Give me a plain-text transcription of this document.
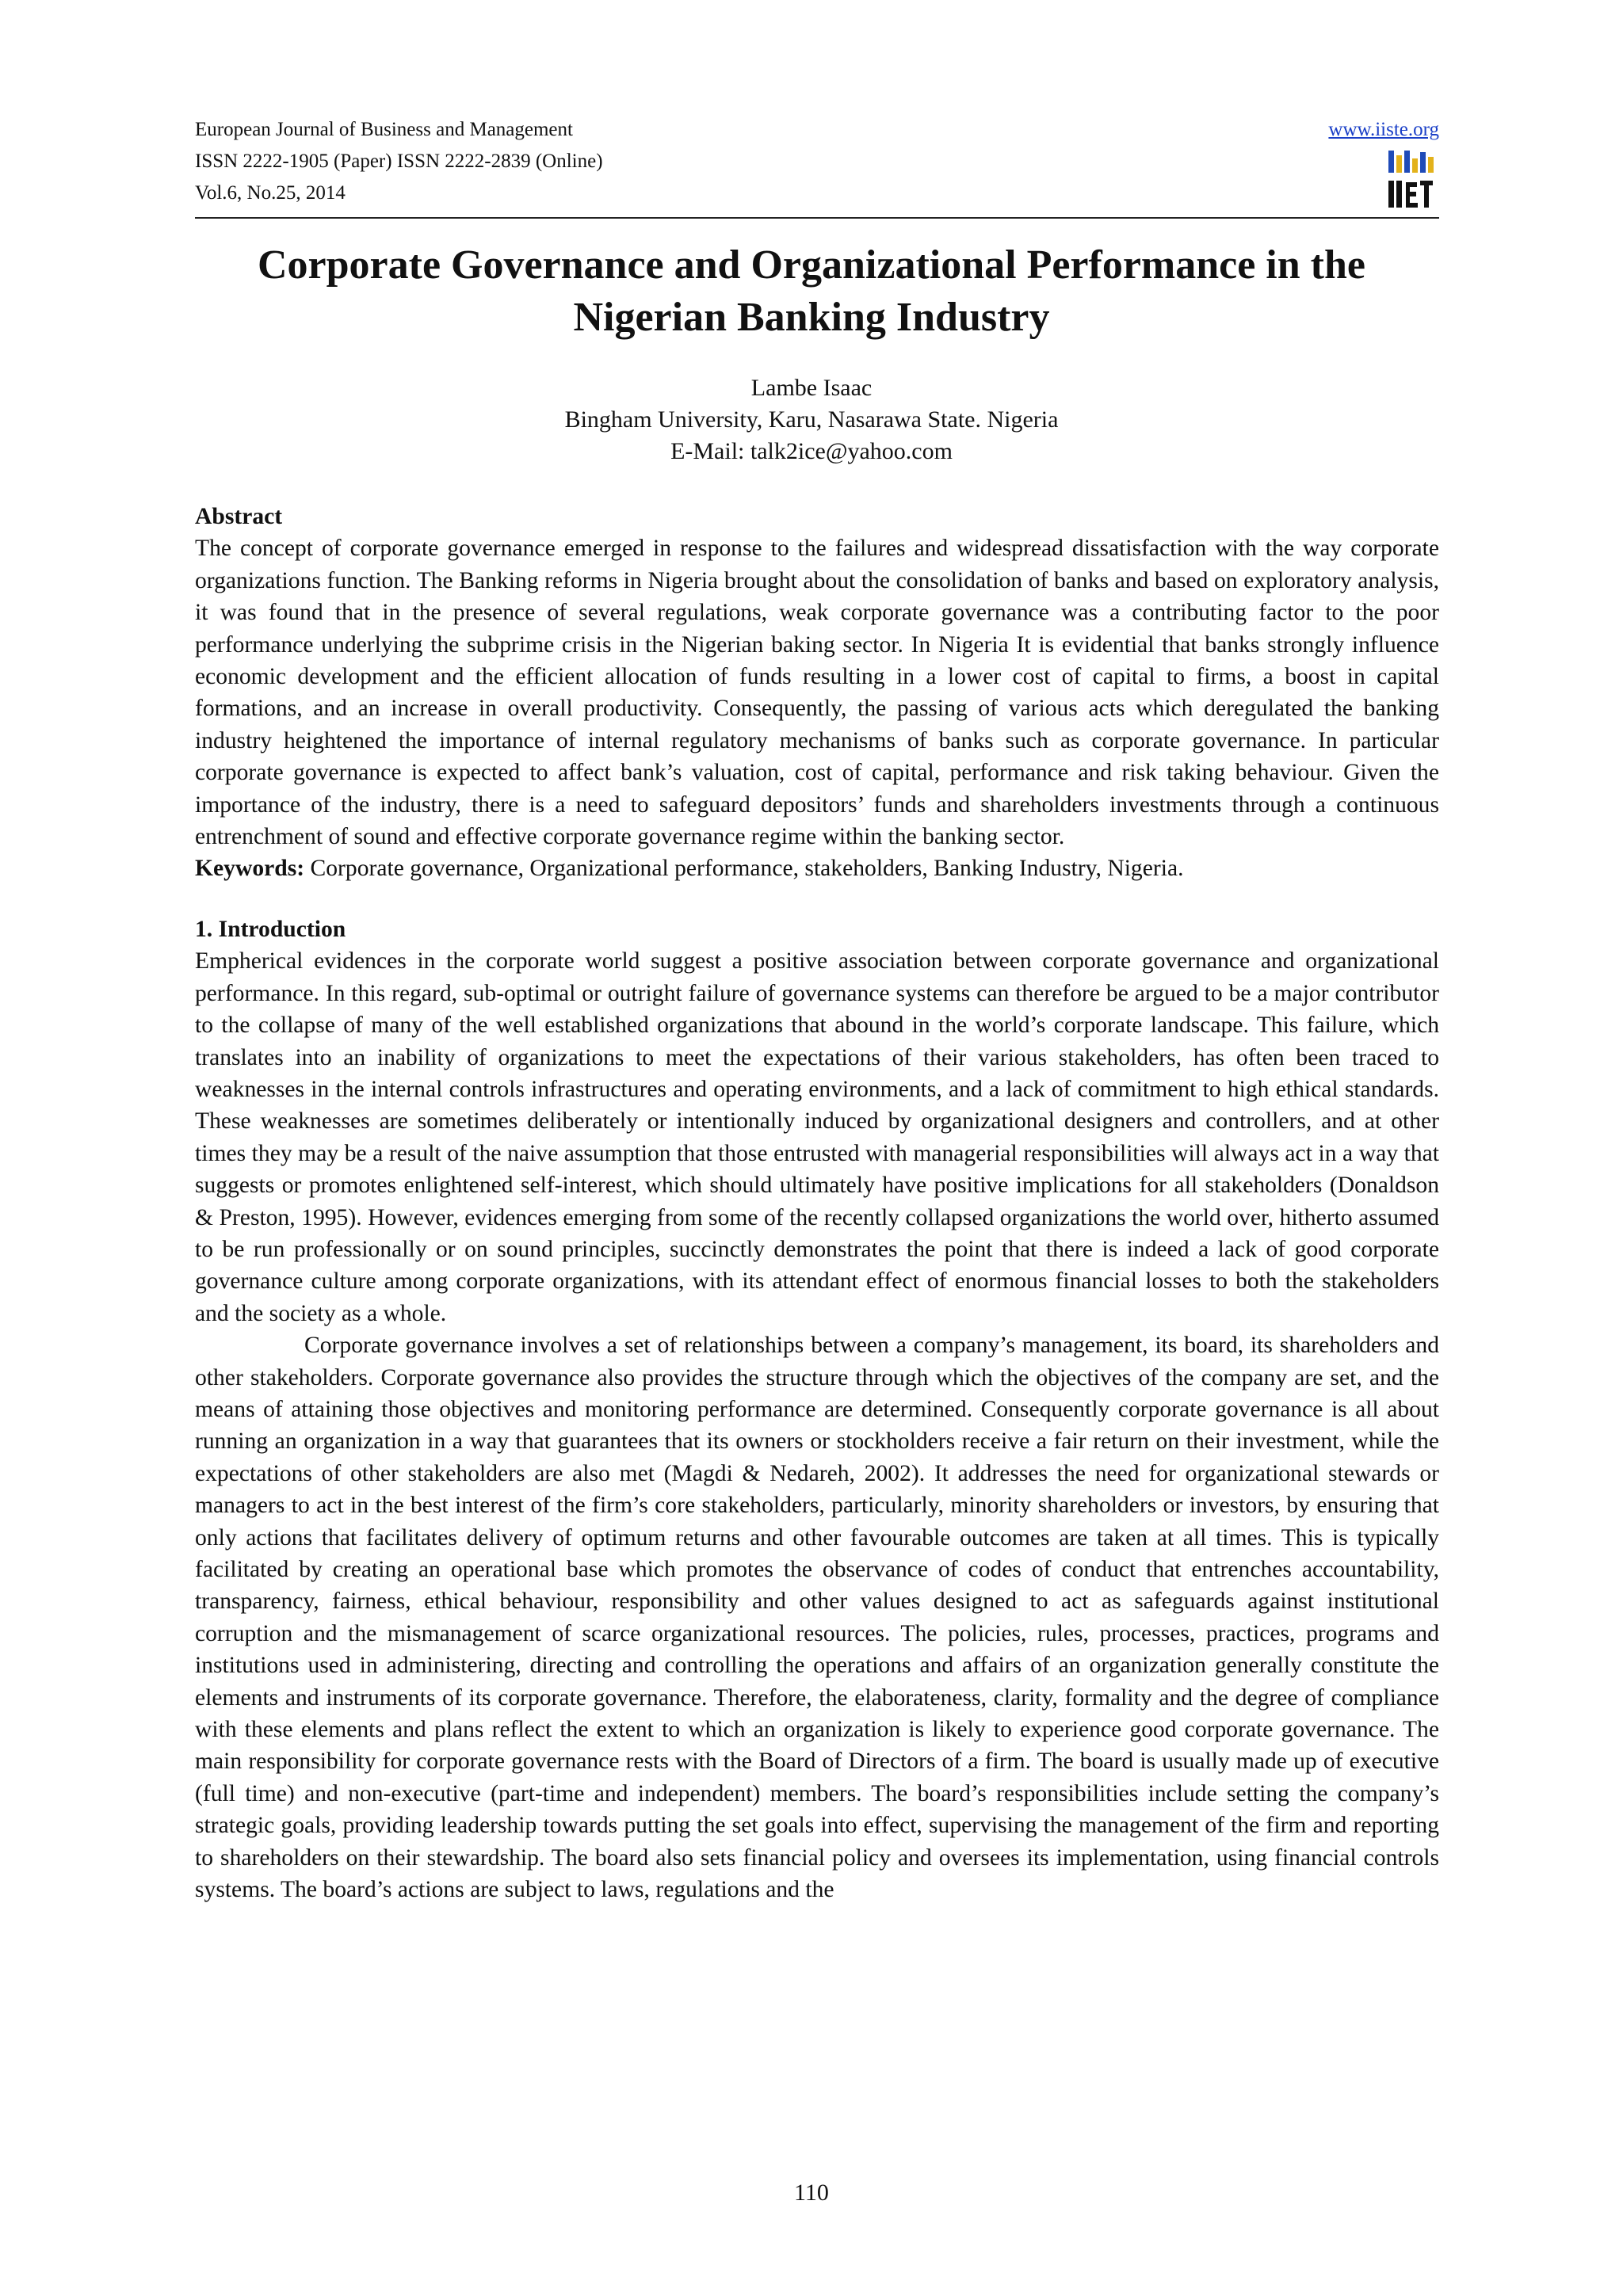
European Journal of Business and Management
ISSN 2222-1905 (Paper) ISSN 2222-2839 (Online)
Vol.6, No.25, 2014
www.iiste.org
Corporate Governance and Organizational Performance in the
Nigerian Banking Industry
Lambe Isaac
Bingham University, Karu, Nasarawa State. Nigeria
E-Mail: talk2ice@yahoo.com

Abstract

The concept of corporate governance emerged in response to the failures and widespread dissatisfaction with the way corporate organizations function. The Banking reforms in Nigeria brought about the consolidation of banks and based on exploratory analysis, it was found that in the presence of several regulations, weak corporate governance was a contributing factor to the poor performance underlying the subprime crisis in the Nigerian baking sector. In Nigeria It is evidential that banks strongly influence economic development and the efficient allocation of funds resulting in a lower cost of capital to firms, a boost in capital formations, and an increase in overall productivity. Consequently, the passing of various acts which deregulated the banking industry heightened the importance of internal regulatory mechanisms of banks such as corporate governance. In particular corporate governance is expected to affect bank’s valuation, cost of capital, performance and risk taking behaviour. Given the importance of the industry, there is a need to safeguard depositors’ funds and shareholders investments through a continuous entrenchment of sound and effective corporate governance regime within the banking sector.

Keywords: Corporate governance, Organizational performance, stakeholders, Banking Industry, Nigeria.

1. Introduction

Empherical evidences in the corporate world suggest a positive association between corporate governance and organizational performance. In this regard, sub-optimal or outright failure of governance systems can therefore be argued to be a major contributor to the collapse of many of the well established organizations that abound in the world’s corporate landscape. This failure, which translates into an inability of organizations to meet the expectations of their various stakeholders, has often been traced to weaknesses in the internal controls infrastructures and operating environments, and a lack of commitment to high ethical standards. These weaknesses are sometimes deliberately or intentionally induced by organizational designers and controllers, and at other times they may be a result of the naive assumption that those entrusted with managerial responsibilities will always act in a way that suggests or promotes enlightened self-interest, which should ultimately have positive implications for all stakeholders (Donaldson & Preston, 1995). However, evidences emerging from some of the recently collapsed organizations the world over, hitherto assumed to be run professionally or on sound principles, succinctly demonstrates the point that there is indeed a lack of good corporate governance culture among corporate organizations, with its attendant effect of enormous financial losses to both the stakeholders and the society as a whole.

Corporate governance involves a set of relationships between a company’s management, its board, its shareholders and other stakeholders. Corporate governance also provides the structure through which the objectives of the company are set, and the means of attaining those objectives and monitoring performance are determined. Consequently corporate governance is all about running an organization in a way that guarantees that its owners or stockholders receive a fair return on their investment, while the expectations of other stakeholders are also met (Magdi & Nedareh, 2002). It addresses the need for organizational stewards or managers to act in the best interest of the firm’s core stakeholders, particularly, minority shareholders or investors, by ensuring that only actions that facilitates delivery of optimum returns and other favourable outcomes are taken at all times. This is typically facilitated by creating an operational base which promotes the observance of codes of conduct that entrenches accountability, transparency, fairness, ethical behaviour, responsibility and other values designed to act as safeguards against institutional corruption and the mismanagement of scarce organizational resources. The policies, rules, processes, practices, programs and institutions used in administering, directing and controlling the operations and affairs of an organization generally constitute the elements and instruments of its corporate governance. Therefore, the elaborateness, clarity, formality and the degree of compliance with these elements and plans reflect the extent to which an organization is likely to experience good corporate governance. The main responsibility for corporate governance rests with the Board of Directors of a firm. The board is usually made up of executive (full time) and non-executive (part-time and independent) members. The board’s responsibilities include setting the company’s strategic goals, providing leadership towards putting the set goals into effect, supervising the management of the firm and reporting to shareholders on their stewardship. The board also sets financial policy and oversees its implementation, using financial controls systems. The board’s actions are subject to laws, regulations and the

110
